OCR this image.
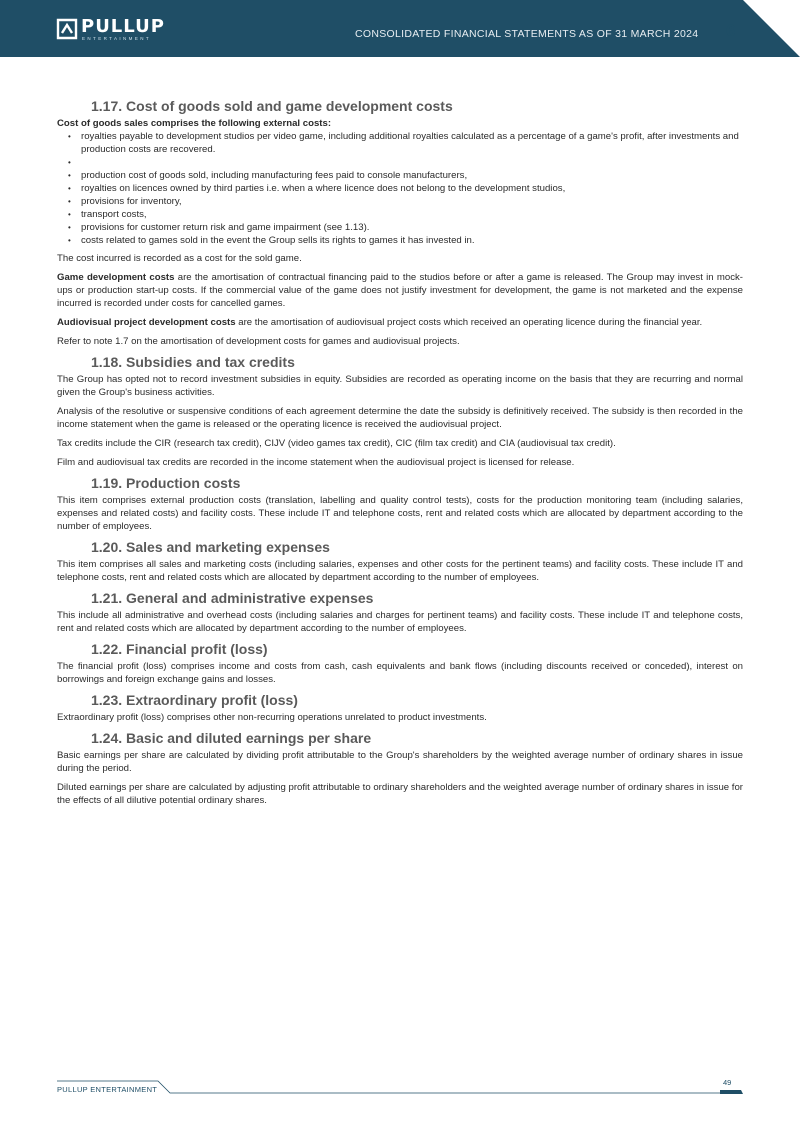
PULLUP
ENTERTAINMENT	CONSOLIDATED FINANCIAL STATEMENTS AS OF 31 MARCH 2024 6
1.17. Cost of goods sold and game development costs

Cost of goods sales comprises the following external costs:

• royalties payable to development studios per video game, including additional royalties calculated as a percentage of a game's profit, after investments and production costs are recovered.
•
• production cost of goods sold, including manufacturing fees paid to console manufacturers,
• royalties on licences owned by third parties i.e. when a where licence does not belong to the development studios,
• provisions for inventory,
• transport costs,
• provisions for customer return risk and game impairment (see 1.13).
• costs related to games sold in the event the Group sells its rights to games it has invested in.

The cost incurred is recorded as a cost for the sold game.

Game development costs are the amortisation of contractual financing paid to the studios before or after a game is released. The Group may invest in mock-ups or production start-up costs. If the commercial value of the game does not justify investment for development, the game is not marketed and the expense incurred is recorded under costs for cancelled games.

Audiovisual project development costs are the amortisation of audiovisual project costs which received an operating licence during the financial year.

Refer to note 1.7 on the amortisation of development costs for games and audiovisual projects.

1.18. Subsidies and tax credits

The Group has opted not to record investment subsidies in equity. Subsidies are recorded as operating income on the basis that they are recurring and normal given the Group's business activities.

Analysis of the resolutive or suspensive conditions of each agreement determine the date the subsidy is definitively received. The subsidy is then recorded in the income statement when the game is released or the operating licence is received the audiovisual project.

Tax credits include the CIR (research tax credit), CIJV (video games tax credit), CIC (film tax credit) and CIA (audiovisual tax credit).

Film and audiovisual tax credits are recorded in the income statement when the audiovisual project is licensed for release.

1.19. Production costs

This item comprises external production costs (translation, labelling and quality control tests), costs for the production monitoring team (including salaries, expenses and related costs) and facility costs. These include IT and telephone costs, rent and related costs which are allocated by department according to the number of employees.

1.20. Sales and marketing expenses

This item comprises all sales and marketing costs (including salaries, expenses and other costs for the pertinent teams) and facility costs. These include IT and telephone costs, rent and related costs which are allocated by department according to the number of employees.

1.21. General and administrative expenses

This include all administrative and overhead costs (including salaries and charges for pertinent teams) and facility costs. These include IT and telephone costs, rent and related costs which are allocated by department according to the number of employees.

1.22. Financial profit (loss)

The financial profit (loss) comprises income and costs from cash, cash equivalents and bank flows (including discounts received or conceded), interest on borrowings and foreign exchange gains and losses.

1.23. Extraordinary profit (loss)

Extraordinary profit (loss) comprises other non-recurring operations unrelated to product investments.

1.24. Basic and diluted earnings per share

Basic earnings per share are calculated by dividing profit attributable to the Group's shareholders by the weighted average number of ordinary shares in issue during the period.

Diluted earnings per share are calculated by adjusting profit attributable to ordinary shareholders and the weighted average number of ordinary shares in issue for the effects of all dilutive potential ordinary shares.

PULLUP ENTERTAINMENT
49
